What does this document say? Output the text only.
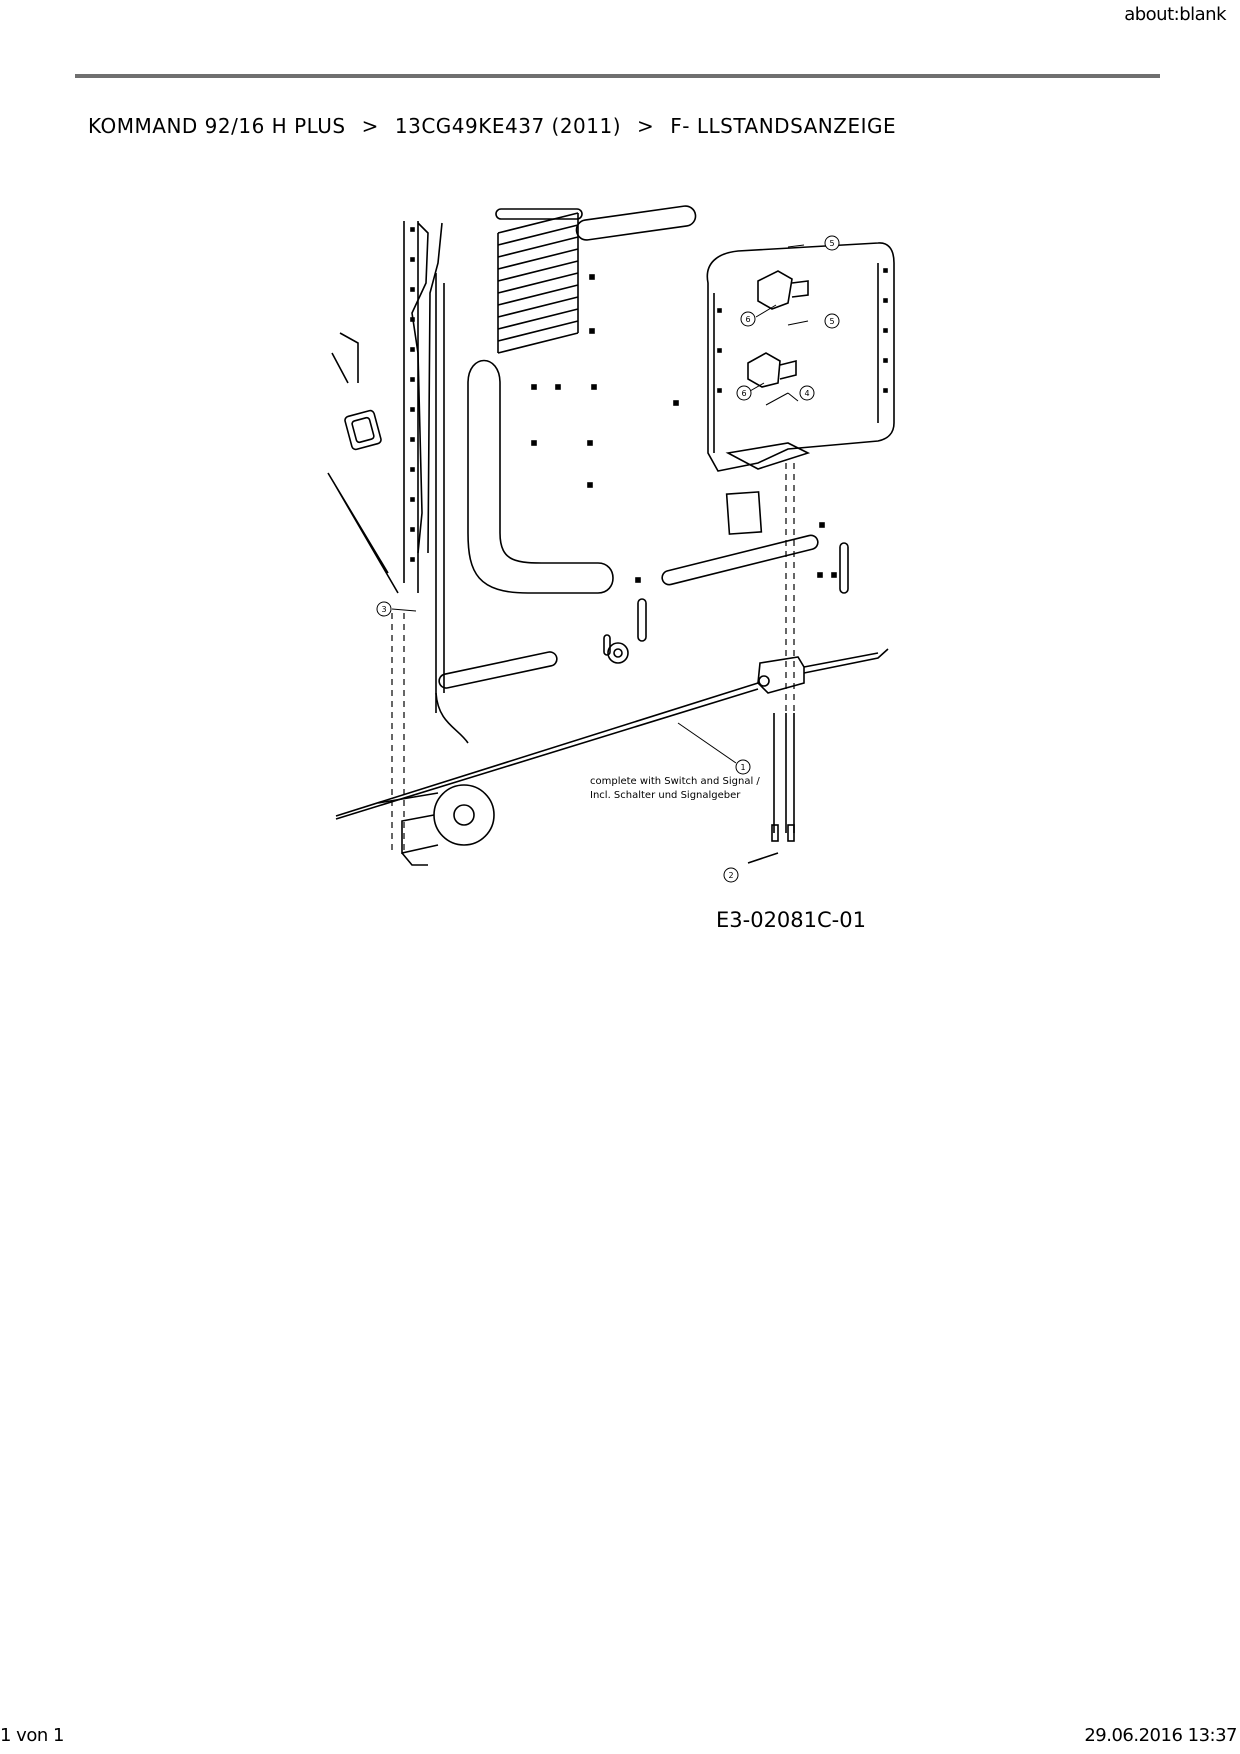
about:blank
KOMMAND 92/16 H PLUS > 13CG49KE437 (2011) > F- LLSTANDSANZEIGE
1
2
3
4
5
5
6
6
complete with Switch and Signal /
Incl. Schalter und Signalgeber
E3-02081C-01
1 von 1	29.06.2016 13:37
